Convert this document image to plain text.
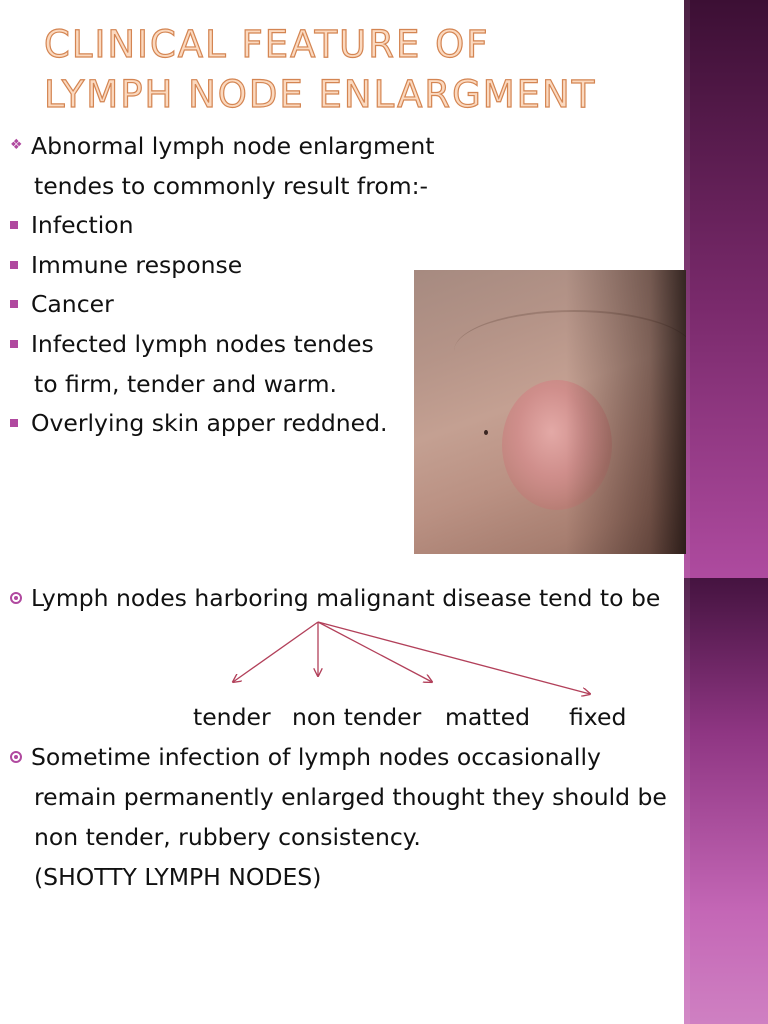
CLINICAL FEATURE OF
LYMPH NODE ENLARGMENT
❖ Abnormal lymph node enlargment
tendes to commonly result from:-
Infection
Immune response
Cancer
Infected lymph nodes tendes
to firm, tender and warm.
Overlying skin apper reddned.
Lymph nodes harboring malignant disease tend to be
tender non tender matted fixed
Sometime infection of lymph nodes occasionally
remain permanently enlarged thought they should be
non tender, rubbery consistency.
(SHOTTY LYMPH NODES)
